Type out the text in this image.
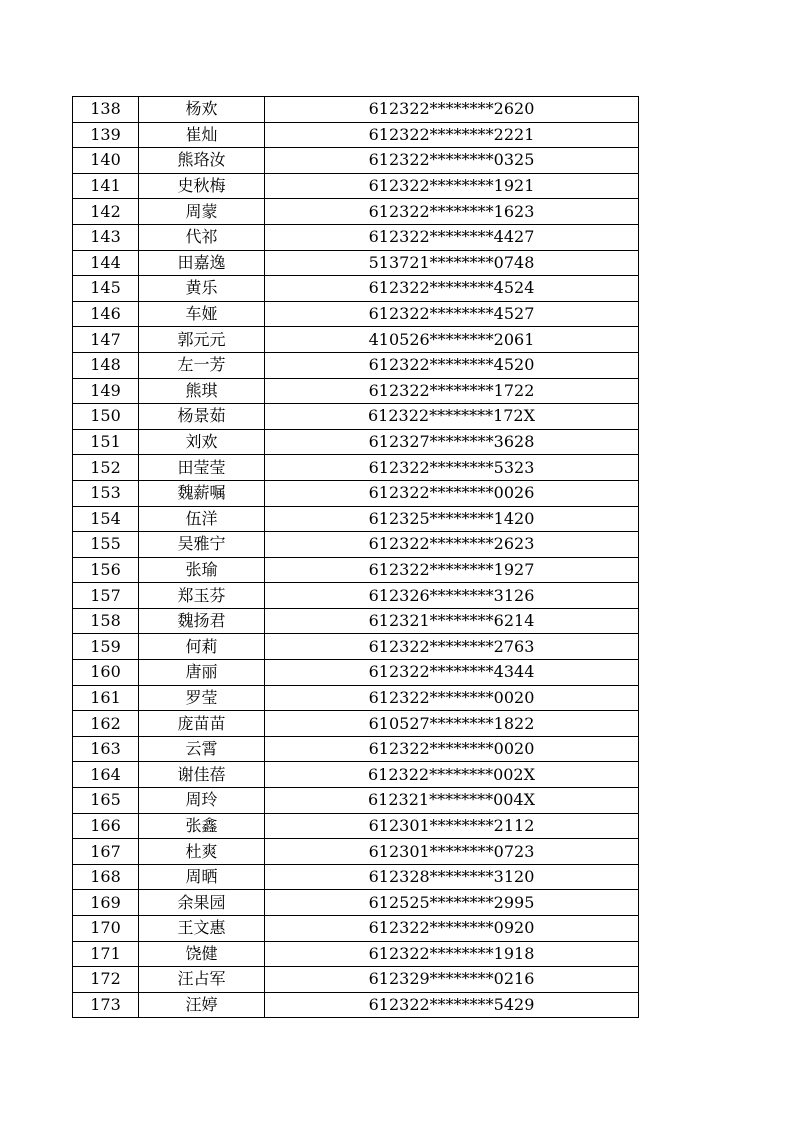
138	杨欢	612322********2620
139	崔灿	612322********2221
140	熊珞汝	612322********0325
141	史秋梅	612322********1921
142	周蒙	612322********1623
143	代祁	612322********4427
144	田嘉逸	513721********0748
145	黄乐	612322********4524
146	车娅	612322********4527
147	郭元元	410526********2061
148	左一芳	612322********4520
149	熊琪	612322********1722
150	杨景茹	612322********172X
151	刘欢	612327********3628
152	田莹莹	612322********5323
153	魏薪嘱	612322********0026
154	伍洋	612325********1420
155	吴雅宁	612322********2623
156	张瑜	612322********1927
157	郑玉芬	612326********3126
158	魏扬君	612321********6214
159	何莉	612322********2763
160	唐丽	612322********4344
161	罗莹	612322********0020
162	庞苗苗	610527********1822
163	云霄	612322********0020
164	谢佳蓓	612322********002X
165	周玲	612321********004X
166	张鑫	612301********2112
167	杜爽	612301********0723
168	周晒	612328********3120
169	余果园	612525********2995
170	王文惠	612322********0920
171	饶健	612322********1918
172	汪占军	612329********0216
173	汪婷	612322********5429
